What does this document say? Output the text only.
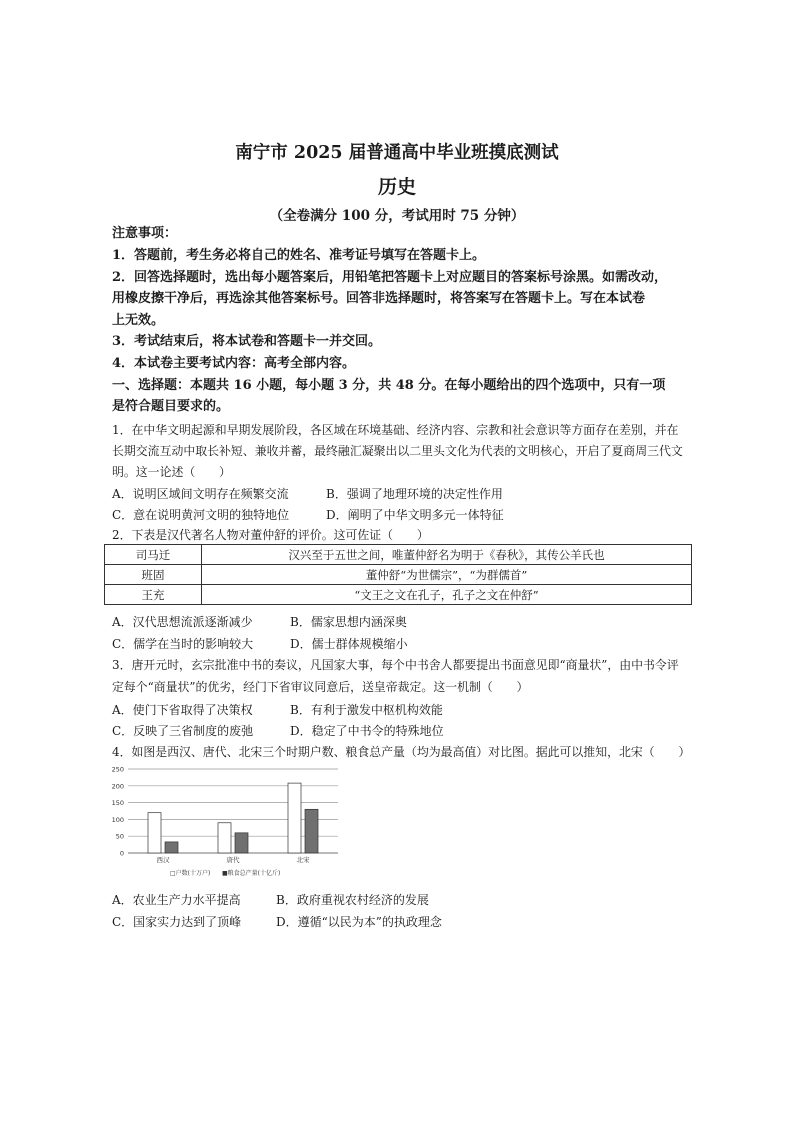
南宁市 2025 届普通高中毕业班摸底测试
历史
（全卷满分 100 分，考试用时 75 分钟）
注意事项：
1．答题前，考生务必将自己的姓名、准考证号填写在答题卡上。
2．回答选择题时，选出每小题答案后，用铅笔把答题卡上对应题目的答案标号涂黑。如需改动，
用橡皮擦干净后，再选涂其他答案标号。回答非选择题时，将答案写在答题卡上。写在本试卷
上无效。
3．考试结束后，将本试卷和答题卡一并交回。
4．本试卷主要考试内容：高考全部内容。
一、选择题：本题共 16 小题，每小题 3 分，共 48 分。在每小题给出的四个选项中，只有一项
是符合题目要求的。
1．在中华文明起源和早期发展阶段，各区域在环境基础、经济内容、宗教和社会意识等方面存在差别，并在
长期交流互动中取长补短、兼收并蓄，最终融汇凝聚出以二里头文化为代表的文明核心，开启了夏商周三代文
明。这一论述（　　）
A．说明区域间文明存在频繁交流	B．强调了地理环境的决定性作用
C．意在说明黄河文明的独特地位	D．阐明了中华文明多元一体特征
2．下表是汉代著名人物对董仲舒的评价。这可佐证（　　）
司马迁	汉兴至于五世之间，唯董仲舒名为明于《春秋》，其传公羊氏也
班固	董仲舒“为世儒宗”，“为群儒首”
王充	“文王之文在孔子，孔子之文在仲舒”
A．汉代思想流派逐渐减少	B．儒家思想内涵深奥
C．儒学在当时的影响较大	D．儒士群体规模缩小
3．唐开元时，玄宗批准中书的奏议，凡国家大事，每个中书舍人都要提出书面意见即“商量状”，由中书令评
定每个“商量状”的优劣，经门下省审议同意后，送皇帝裁定。这一机制（　　）
A．使门下省取得了决策权	B．有利于激发中枢机构效能
C．反映了三省制度的废弛	D．稳定了中书令的特殊地位
4．如图是西汉、唐代、北宋三个时期户数、粮食总产量（均为最高值）对比图。据此可以推知，北宋（　　）
0
50
100
150
200
250
西汉	唐代	北宋
□户数(十万户) ■粮食总产量(十亿斤)
A．农业生产力水平提高	B．政府重视农村经济的发展
C．国家实力达到了顶峰	D．遵循“以民为本”的执政理念
